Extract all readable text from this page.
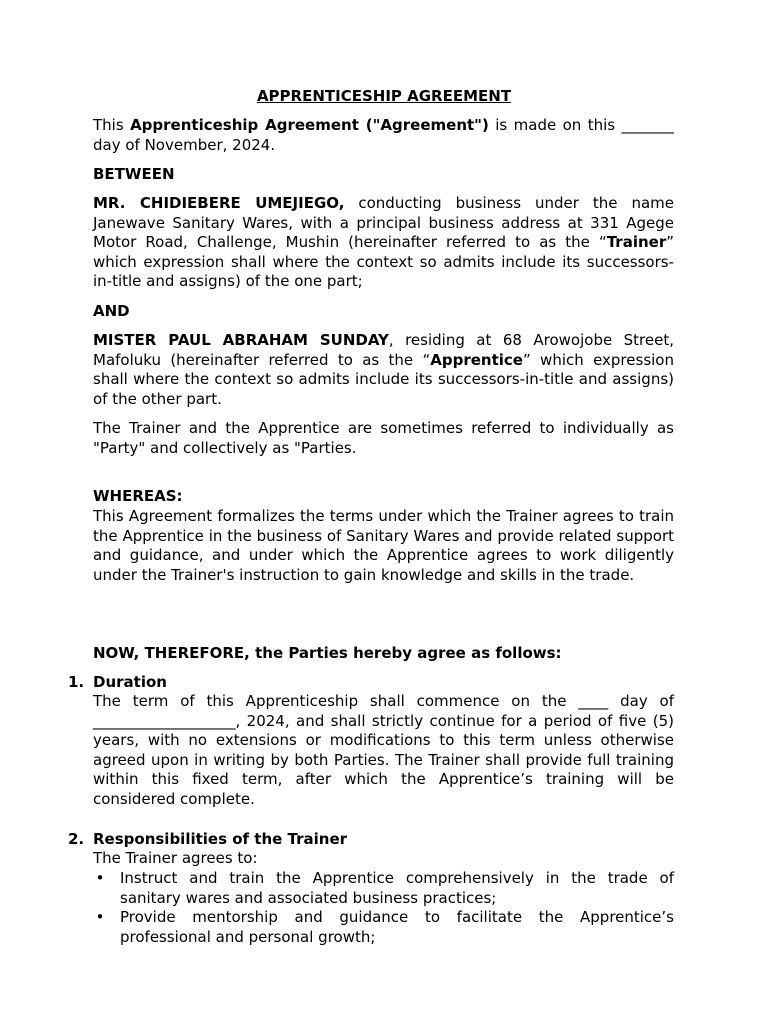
APPRENTICESHIP AGREEMENT

This Apprenticeship Agreement ("Agreement") is made on this _______ day of November, 2024.

BETWEEN

MR. CHIDIEBERE UMEJIEGO, conducting business under the name Janewave Sanitary Wares, with a principal business address at 331 Agege Motor Road, Challenge, Mushin (hereinafter referred to as the “Trainer” which expression shall where the context so admits include its successors-in-title and assigns) of the one part;

AND

MISTER PAUL ABRAHAM SUNDAY, residing at 68 Arowojobe Street, Mafoluku (hereinafter referred to as the “Apprentice” which expression shall where the context so admits include its successors-in-title and assigns) of the other part.

The Trainer and the Apprentice are sometimes referred to individually as "Party" and collectively as "Parties.

WHEREAS:

This Agreement formalizes the terms under which the Trainer agrees to train the Apprentice in the business of Sanitary Wares and provide related support and guidance, and under which the Apprentice agrees to work diligently under the Trainer's instruction to gain knowledge and skills in the trade.

NOW, THEREFORE, the Parties hereby agree as follows:
1. Duration

The term of this Apprenticeship shall commence on the ____ day of ___________________, 2024, and shall strictly continue for a period of five (5) years, with no extensions or modifications to this term unless otherwise agreed upon in writing by both Parties. The Trainer shall provide full training within this fixed term, after which the Apprentice’s training will be considered complete.

2. Responsibilities of the Trainer
The Trainer agrees to:
• Instruct and train the Apprentice comprehensively in the trade of sanitary wares and associated business practices;

• Provide mentorship and guidance to facilitate the Apprentice’s professional and personal growth;
